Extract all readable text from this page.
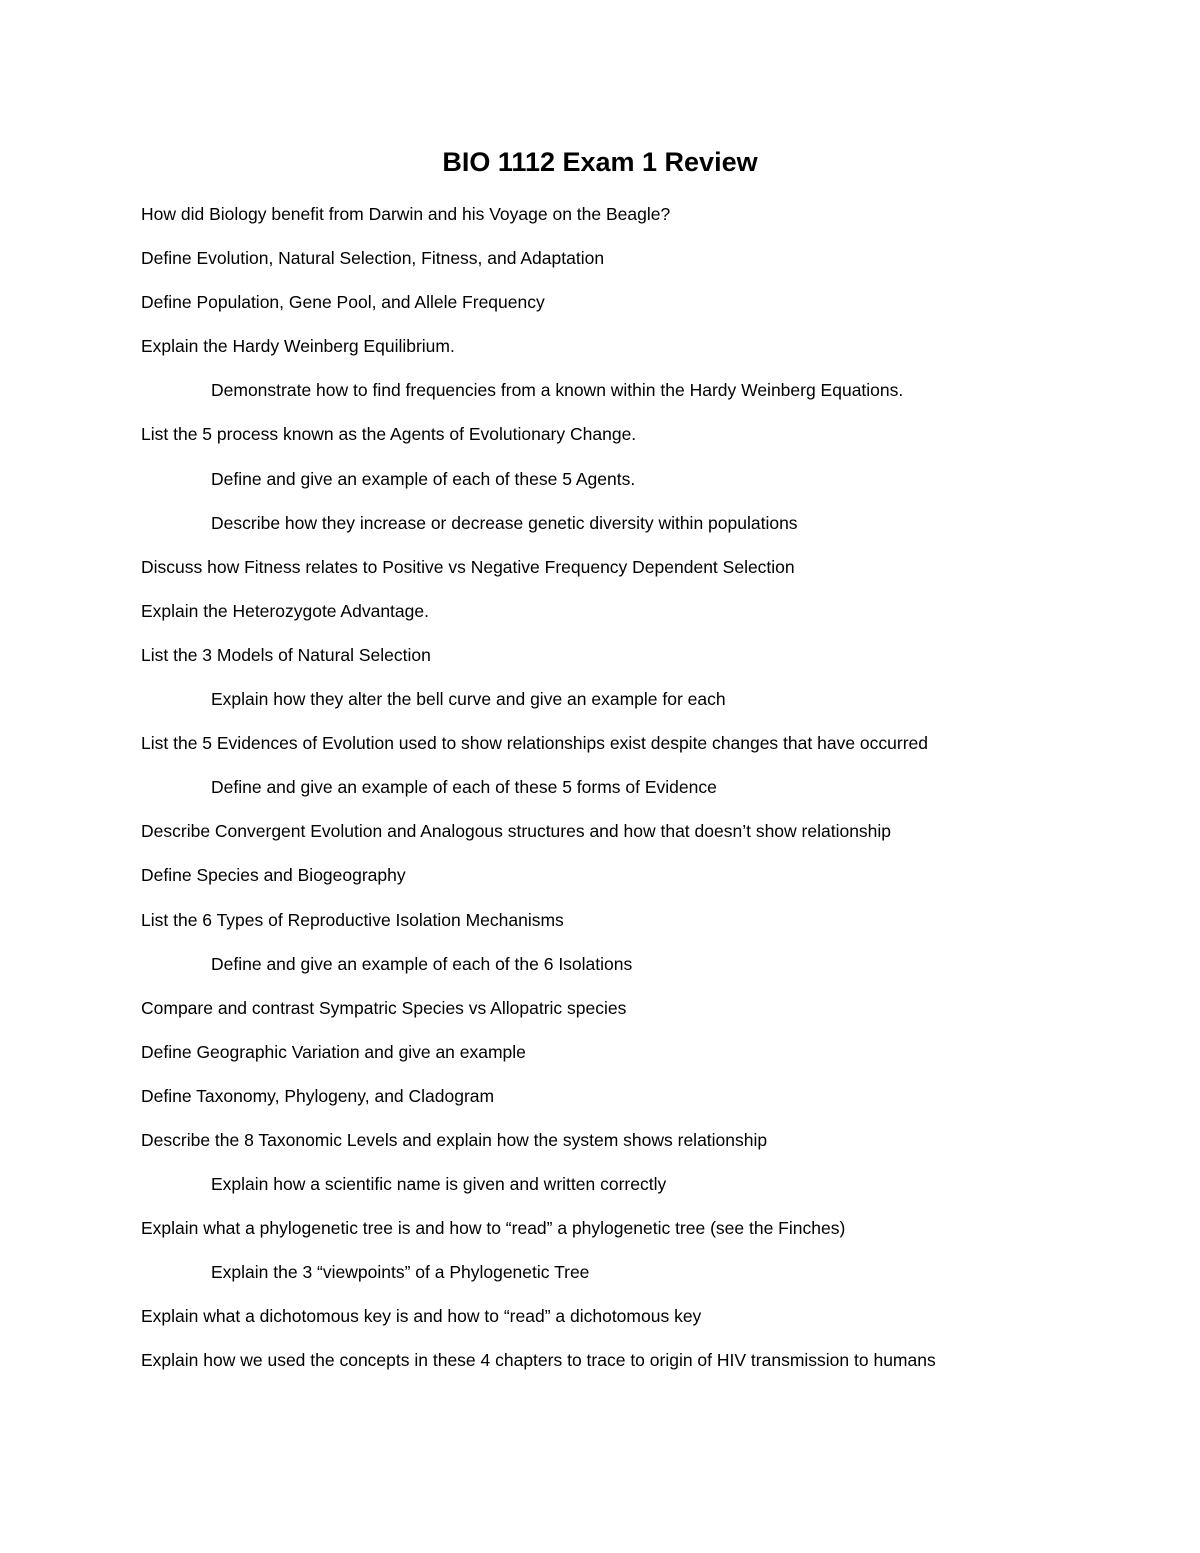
BIO 1112 Exam 1 Review
How did Biology benefit from Darwin and his Voyage on the Beagle?
Define Evolution, Natural Selection, Fitness, and Adaptation
Define Population, Gene Pool, and Allele Frequency
Explain the Hardy Weinberg Equilibrium.
Demonstrate how to find frequencies from a known within the Hardy Weinberg Equations.
List the 5 process known as the Agents of Evolutionary Change.
Define and give an example of each of these 5 Agents.
Describe how they increase or decrease genetic diversity within populations
Discuss how Fitness relates to Positive vs Negative Frequency Dependent Selection
Explain the Heterozygote Advantage.
List the 3 Models of Natural Selection
Explain how they alter the bell curve and give an example for each
List the 5 Evidences of Evolution used to show relationships exist despite changes that have occurred
Define and give an example of each of these 5 forms of Evidence
Describe Convergent Evolution and Analogous structures and how that doesn’t show relationship
Define Species and Biogeography
List the 6 Types of Reproductive Isolation Mechanisms
Define and give an example of each of the 6 Isolations
Compare and contrast Sympatric Species vs Allopatric species
Define Geographic Variation and give an example
Define Taxonomy, Phylogeny, and Cladogram
Describe the 8 Taxonomic Levels and explain how the system shows relationship
Explain how a scientific name is given and written correctly
Explain what a phylogenetic tree is and how to “read” a phylogenetic tree (see the Finches)
Explain the 3 “viewpoints” of a Phylogenetic Tree
Explain what a dichotomous key is and how to “read” a dichotomous key
Explain how we used the concepts in these 4 chapters to trace to origin of HIV transmission to humans
